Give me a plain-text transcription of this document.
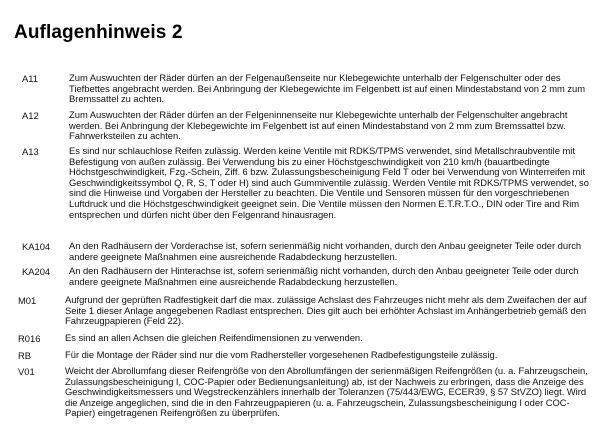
Auflagenhinweis 2
A11	Zum Auswuchten der Räder dürfen an der Felgenaußenseite nur Klebegewichte unterhalb der Felgenschulter oder des Tiefbettes angebracht werden. Bei Anbringung der Klebegewichte im Felgenbett ist auf einen Mindestabstand von 2 mm zum Bremssattel zu achten.
A12	Zum Auswuchten der Räder dürfen an der Felgeninnenseite nur Klebegewichte unterhalb der Felgenschulter angebracht werden. Bei Anbringung der Klebegewichte im Felgenbett ist auf einen Mindestabstand von 2 mm zum Bremssattel bzw. Fahrwerksteilen zu achten.
A13	Es sind nur schlauchlose Reifen zulässig. Werden keine Ventile mit RDKS/TPMS verwendet, sind Metallschraubventile mit Befestigung von außen zulässig. Bei Verwendung bis zu einer Höchstgeschwindigkeit von 210 km/h (bauartbedingte Höchstgeschwindigkeit, Fzg.-Schein, Ziff. 6 bzw. Zulassungsbescheinigung Feld T oder bei Verwendung von Winterreifen mit Geschwindigkeitssymbol Q, R, S, T oder H) sind auch Gummiventile zulässig. Werden Ventile mit RDKS/TPMS verwendet, so sind die Hinweise und Vorgaben der Hersteller zu beachten. Die Ventile und Sensoren müssen für den vorgeschriebenen Luftdruck und die Höchstgeschwindigkeit geeignet sein. Die Ventile müssen den Normen E.T.R.T.O., DIN oder Tire and Rim entsprechen und dürfen nicht über den Felgenrand hinausragen.
KA104 An den Radhäusern der Vorderachse ist, sofern serienmäßig nicht vorhanden, durch den Anbau geeigneter Teile oder durch andere geeignete Maßnahmen eine ausreichende Radabdeckung herzustellen.
KA204 An den Radhäusern der Hinterachse ist, sofern serienmäßig nicht vorhanden, durch den Anbau geeigneter Teile oder durch andere geeignete Maßnahmen eine ausreichende Radabdeckung herzustellen.
M01	Aufgrund der geprüften Radfestigkeit darf die max. zulässige Achslast des Fahrzeuges nicht mehr als dem Zweifachen der auf Seite 1 dieser Anlage angegebenen Radlast entsprechen. Dies gilt auch bei erhöhter Achslast im Anhängerbetrieb gemäß den Fahrzeugpapieren (Feld 22).
R016	Es sind an allen Achsen die gleichen Reifendimensionen zu verwenden.
RB	Für die Montage der Räder sind nur die vom Radhersteller vorgesehenen Radbefestigungsteile zulässig.
V01	Weicht der Abrollumfang dieser Reifengröße von den Abrollumfängen der serienmäßigen Reifengrößen (u. a. Fahrzeugschein, Zulassungsbescheinigung I, COC-Papier oder Bedienungsanleitung) ab, ist der Nachweis zu erbringen, dass die Anzeige des Geschwindigkeitsmessers und Wegstreckenzählers innerhalb der Toleranzen (75/443/EWG, ECER39, § 57 StVZO) liegt. Wird die Anzeige angeglichen, sind die in den Fahrzeugpapieren (u. a. Fahrzeugschein, Zulassungsbescheinigung I oder COC-Papier) eingetragenen Reifengrößen zu überprüfen.
